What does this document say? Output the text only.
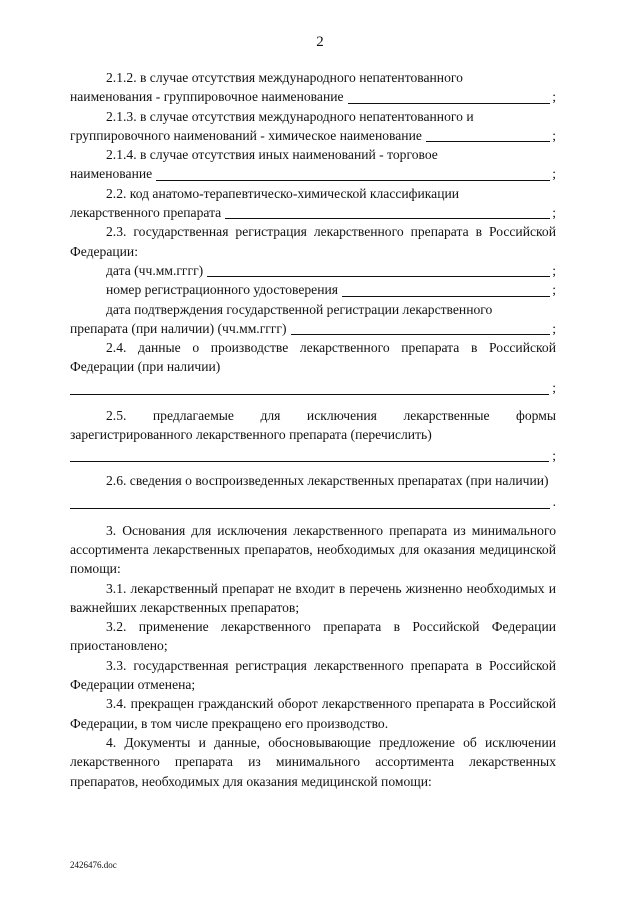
2

2.1.2. в случае отсутствия международного непатентованного

наименования - группировочное наименование	;

2.1.3. в случае отсутствия международного непатентованного и

группировочного наименований - химическое наименование	;

2.1.4. в случае отсутствия иных наименований - торговое

наименование	;

2.2. код анатомо-терапевтическо-химической классификации

лекарственного препарата	;

2.3. государственная регистрация лекарственного препарата в Российской Федерации:

дата (чч.мм.гггг)	;
номер регистрационного удостоверения	;

дата подтверждения государственной регистрации лекарственного

препарата (при наличии) (чч.мм.гггг)	;

2.4. данные о производстве лекарственного препарата в Российской Федерации (при наличии)

;

2.5. предлагаемые для исключения лекарственные формы зарегистрированного лекарственного препарата (перечислить)

;

2.6. сведения о воспроизведенных лекарственных препаратах (при наличии)

.

3. Основания для исключения лекарственного препарата из минимального ассортимента лекарственных препаратов, необходимых для оказания медицинской помощи:

3.1. лекарственный препарат не входит в перечень жизненно необходимых и важнейших лекарственных препаратов;

3.2. применение лекарственного препарата в Российской Федерации приостановлено;

3.3. государственная регистрация лекарственного препарата в Российской Федерации отменена;

3.4. прекращен гражданский оборот лекарственного препарата в Российской Федерации, в том числе прекращено его производство.

4. Документы и данные, обосновывающие предложение об исключении лекарственного препарата из минимального ассортимента лекарственных препаратов, необходимых для оказания медицинской помощи:

2426476.doc
